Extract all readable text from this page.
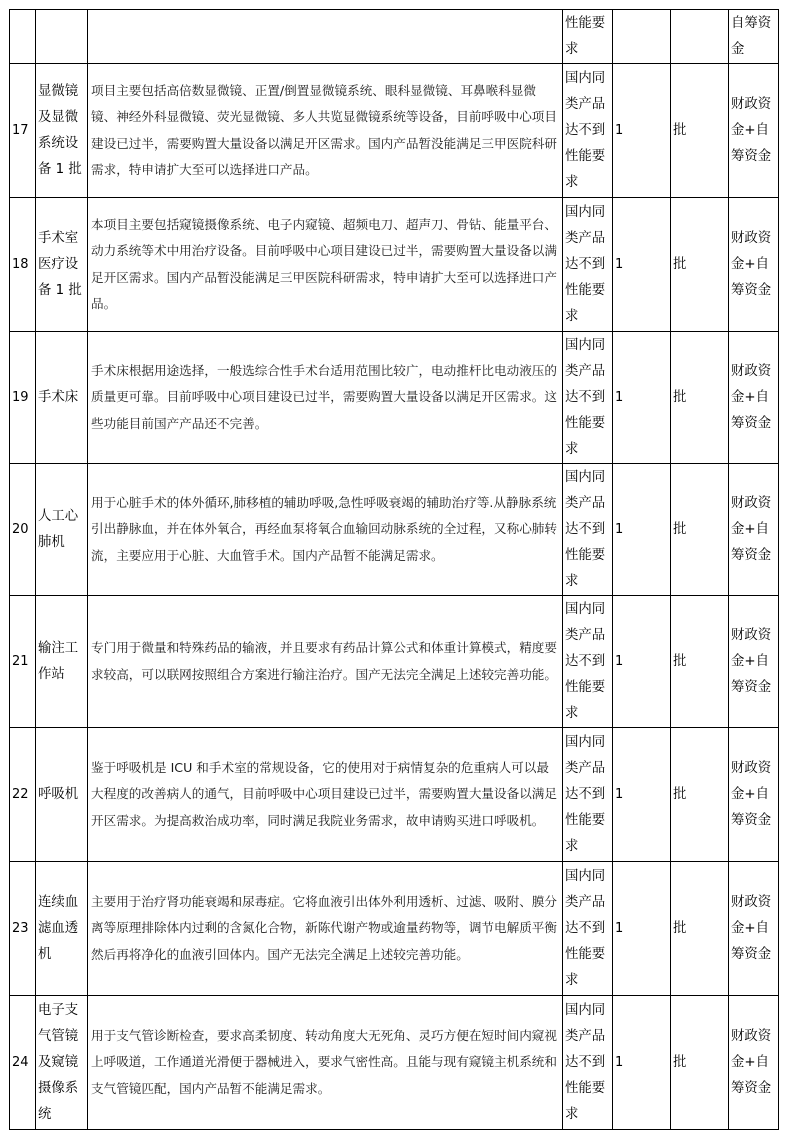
			性能要求			自筹资金
17	显微镜及显微系统设备 1 批	项目主要包括高倍数显微镜、正置/倒置显微镜系统、眼科显微镜、耳鼻喉科显微镜、神经外科显微镜、荧光显微镜、多人共览显微镜系统等设备，目前呼吸中心项目建设已过半，需要购置大量设备以满足开区需求。国内产品暂没能满足三甲医院科研需求，特申请扩大至可以选择进口产品。	国内同类产品达不到性能要求	1	批	财政资金+自筹资金
18	手术室医疗设备 1 批	本项目主要包括窥镜摄像系统、电子内窥镜、超频电刀、超声刀、骨钻、能量平台、动力系统等术中用治疗设备。目前呼吸中心项目建设已过半，需要购置大量设备以满足开区需求。国内产品暂没能满足三甲医院科研需求，特申请扩大至可以选择进口产品。	国内同类产品达不到性能要求	1	批	财政资金+自筹资金
19	手术床	手术床根据用途选择，一般选综合性手术台适用范围比较广，电动推杆比电动液压的质量更可靠。目前呼吸中心项目建设已过半，需要购置大量设备以满足开区需求。这些功能目前国产产品还不完善。	国内同类产品达不到性能要求	1	批	财政资金+自筹资金
20	人工心肺机	用于心脏手术的体外循环,肺移植的辅助呼吸,急性呼吸衰竭的辅助治疗等.从静脉系统引出静脉血，并在体外氧合，再经血泵将氧合血输回动脉系统的全过程，又称心肺转流，主要应用于心脏、大血管手术。国内产品暂不能满足需求。	国内同类产品达不到性能要求	1	批	财政资金+自筹资金
21	输注工作站	专门用于微量和特殊药品的输液，并且要求有药品计算公式和体重计算模式，精度要求较高，可以联网按照组合方案进行输注治疗。国产无法完全满足上述较完善功能。	国内同类产品达不到性能要求	1	批	财政资金+自筹资金
22	呼吸机	鉴于呼吸机是 ICU 和手术室的常规设备，它的使用对于病情复杂的危重病人可以最大程度的改善病人的通气，目前呼吸中心项目建设已过半，需要购置大量设备以满足开区需求。为提高救治成功率，同时满足我院业务需求，故申请购买进口呼吸机。	国内同类产品达不到性能要求	1	批	财政资金+自筹资金
23	连续血滤血透机	主要用于治疗肾功能衰竭和尿毒症。它将血液引出体外利用透析、过滤、吸附、膜分离等原理排除体内过剩的含氮化合物，新陈代谢产物或逾量药物等，调节电解质平衡然后再将净化的血液引回体内。国产无法完全满足上述较完善功能。	国内同类产品达不到性能要求	1	批	财政资金+自筹资金
24	电子支气管镜及窥镜摄像系统	用于支气管诊断检查，要求高柔韧度、转动角度大无死角、灵巧方便在短时间内窥视上呼吸道，工作通道光滑便于器械进入，要求气密性高。且能与现有窥镜主机系统和支气管镜匹配，国内产品暂不能满足需求。	国内同类产品达不到性能要求	1	批	财政资金+自筹资金
